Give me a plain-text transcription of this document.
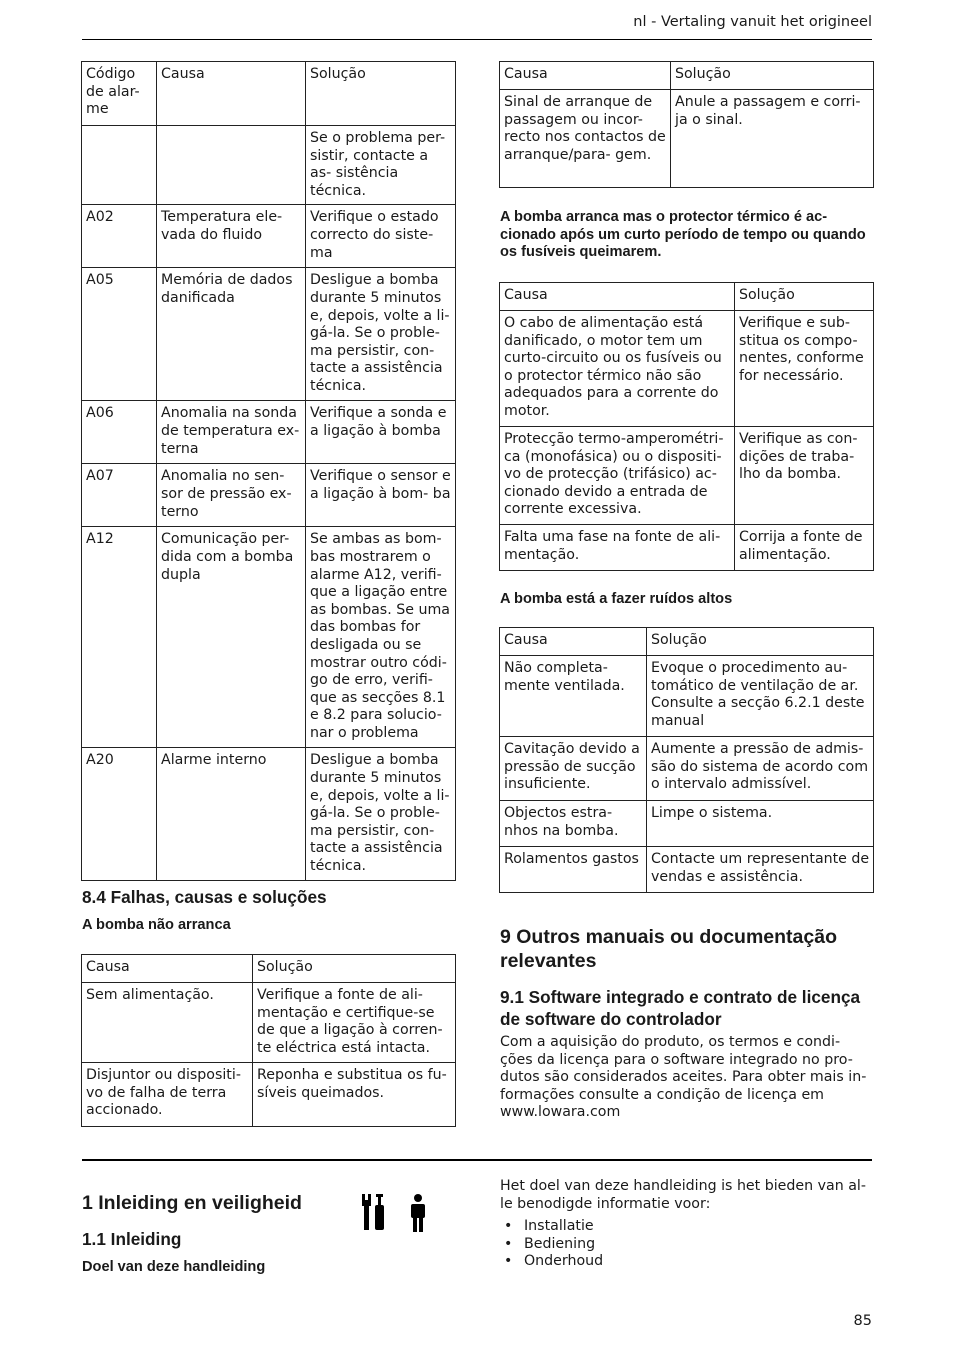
nl - Vertaling vanuit het origineel
Código de alar- me	Causa	Solução
		Se o problema per- sistir, contacte a as- sistência técnica.
A02	Temperatura ele- vada do fluido	Verifique o estado correcto do siste- ma
A05	Memória de dados danificada	Desligue a bomba durante 5 minutos e, depois, volte a li- gá-la. Se o proble- ma persistir, con- tacte a assistência técnica.
A06	Anomalia na sonda de temperatura ex- terna	Verifique a sonda e a ligação à bomba
A07	Anomalia no sen- sor de pressão ex- terno	Verifique o sensor e a ligação à bom- ba
A12	Comunicação per- dida com a bomba dupla	Se ambas as bom- bas mostrarem o alarme A12, verifi- que a ligação entre as bombas. Se uma das bombas for desligada ou se mostrar outro códi- go de erro, verifi- que as secções 8.1 e 8.2 para solucio- nar o problema
A20	Alarme interno	Desligue a bomba durante 5 minutos e, depois, volte a li- gá-la. Se o proble- ma persistir, con- tacte a assistência técnica.
8.4 Falhas, causas e soluções
A bomba não arranca
Causa	Solução
Sem alimentação.	Verifique a fonte de ali- mentação e certifique-se de que a ligação à corren- te eléctrica está intacta.
Disjuntor ou dispositi- vo de falha de terra accionado.	Reponha e substitua os fu- síveis queimados.
Causa	Solução
Sinal de arranque de passagem ou incor- recto nos contactos de arranque/para- gem.	Anule a passagem e corri- ja o sinal.
A bomba arranca mas o protector térmico é ac- cionado após um curto período de tempo ou quando os fusíveis queimarem.
Causa	Solução
O cabo de alimentação está danificado, o motor tem um curto-circuito ou os fusíveis ou o protector térmico não são adequados para a corrente do motor.	Verifique e sub- stitua os compo- nentes, conforme for necessário.
Protecção termo-amperométri- ca (monofásica) ou o dispositi- vo de protecção (trifásico) ac- cionado devido a entrada de corrente excessiva.	Verifique as con- dições de traba- lho da bomba.
Falta uma fase na fonte de ali- mentação.	Corrija a fonte de alimentação.
A bomba está a fazer ruídos altos
Causa	Solução
Não completa- mente ventilada.	Evoque o procedimento au- tomático de ventilação de ar. Consulte a secção 6.2.1 deste manual
Cavitação devido a pressão de sucção insuficiente.	Aumente a pressão de admis- são do sistema de acordo com o intervalo admissível.
Objectos estra- nhos na bomba.	Limpe o sistema.
Rolamentos gastos	Contacte um representante de vendas e assistência.
9 Outros manuais ou documentação relevantes
9.1 Software integrado e contrato de licença de software do controlador
Com a aquisição do produto, os termos e condi- ções da licença para o software integrado no pro- dutos são considerados aceites. Para obter mais in- formações consulte a condição de licença em www.lowara.com
1 Inleiding en veiligheid
1.1 Inleiding
Doel van deze handleiding
Het doel van deze handleiding is het bieden van al- le benodigde informatie voor:
• Installatie
• Bediening
• Onderhoud
85
